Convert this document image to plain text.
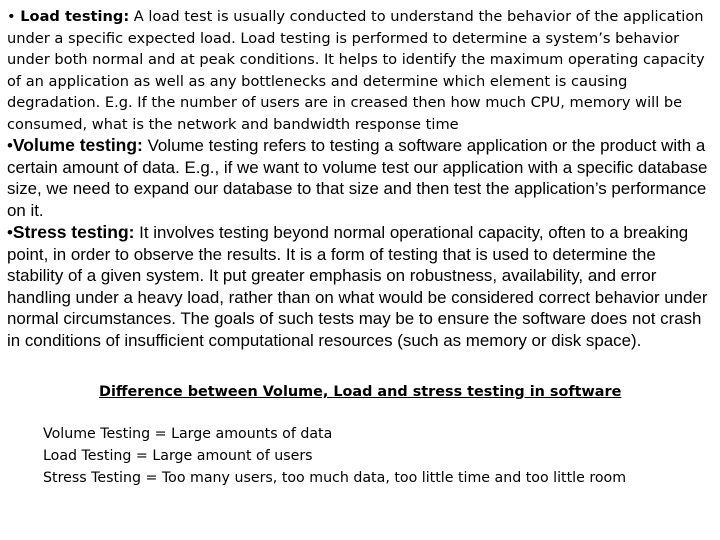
• Load testing: A load test is usually conducted to understand the behavior of the application under a specific expected load. Load testing is performed to determine a system’s behavior under both normal and at peak conditions. It helps to identify the maximum operating capacity of an application as well as any bottlenecks and determine which element is causing degradation. E.g. If the number of users are in creased then how much CPU, memory will be consumed, what is the network and bandwidth response time

•Volume testing: Volume testing refers to testing a software application or the product with a certain amount of data. E.g., if we want to volume test our application with a specific database size, we need to expand our database to that size and then test the application’s performance on it.

•Stress testing: It involves testing beyond normal operational capacity, often to a breaking point, in order to observe the results. It is a form of testing that is used to determine the stability of a given system. It put greater emphasis on robustness, availability, and error handling under a heavy load, rather than on what would be considered correct behavior under normal circumstances. The goals of such tests may be to ensure the software does not crash in conditions of insufficient computational resources (such as memory or disk space).

Difference between Volume, Load and stress testing in software

Volume Testing = Large amounts of data
Load Testing = Large amount of users
Stress Testing = Too many users, too much data, too little time and too little room
